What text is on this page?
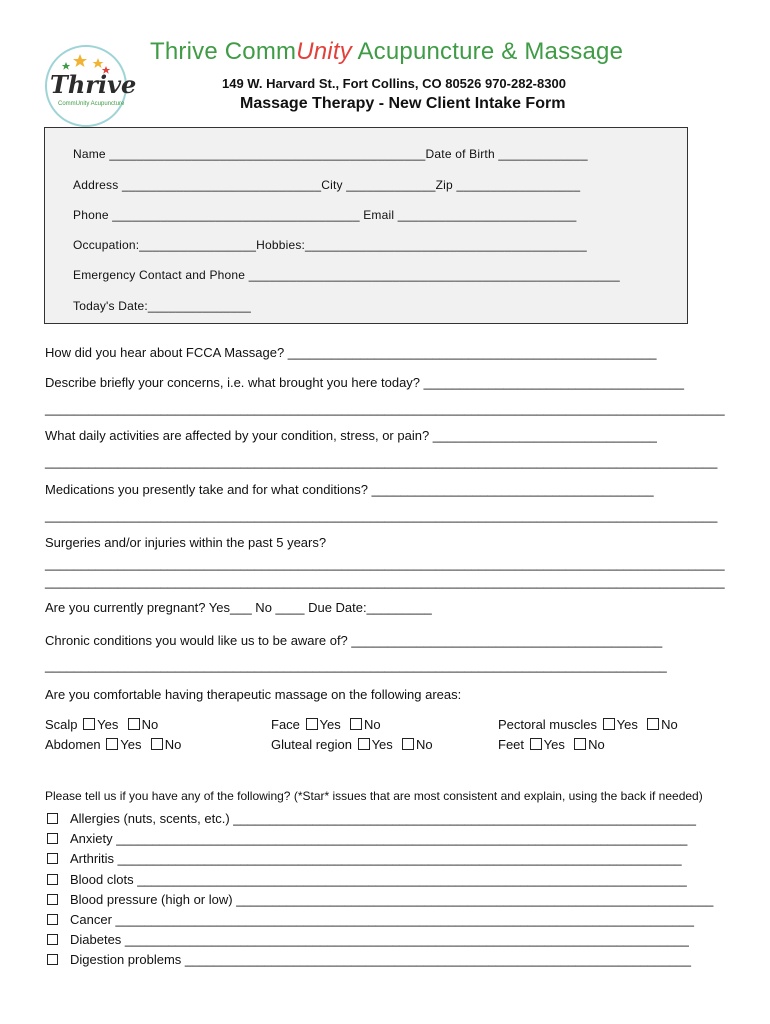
Thrive
CommUnity Acupuncture
Thrive CommUnity Acupuncture & Massage
149 W. Harvard St., Fort Collins, CO 80526 970-282-8300
Massage Therapy - New Client Intake Form
Name ______________________________________________Date of Birth _____________
Address _____________________________City _____________Zip __________________
Phone ____________________________________ Email __________________________
Occupation:_________________Hobbies:_________________________________________
Emergency Contact and Phone ______________________________________________________
Today's Date:_______________
How did you hear about FCCA Massage? ___________________________________________________
Describe briefly your concerns, i.e. what brought you here today? ____________________________________
______________________________________________________________________________________________
What daily activities are affected by your condition, stress, or pain? _______________________________
_____________________________________________________________________________________________
Medications you presently take and for what conditions? _______________________________________
_____________________________________________________________________________________________
Surgeries and/or injuries within the past 5 years?
______________________________________________________________________________________________
______________________________________________________________________________________________
Are you currently pregnant? Yes___ No ____ Due Date:_________
Chronic conditions you would like us to be aware of? ___________________________________________
______________________________________________________________________________________
Are you comfortable having therapeutic massage on the following areas:
Scalp Yes No	Face Yes No	Pectoral muscles Yes No
Abdomen Yes No	Gluteal region Yes No	Feet Yes No
Please tell us if you have any of the following? (*Star* issues that are most consistent and explain, using the back if needed)
Allergies (nuts, scents, etc.) ________________________________________________________________
Anxiety _______________________________________________________________________________
Arthritis ______________________________________________________________________________
Blood clots ____________________________________________________________________________
Blood pressure (high or low) __________________________________________________________________
Cancer ________________________________________________________________________________
Diabetes ______________________________________________________________________________
Digestion problems ______________________________________________________________________
